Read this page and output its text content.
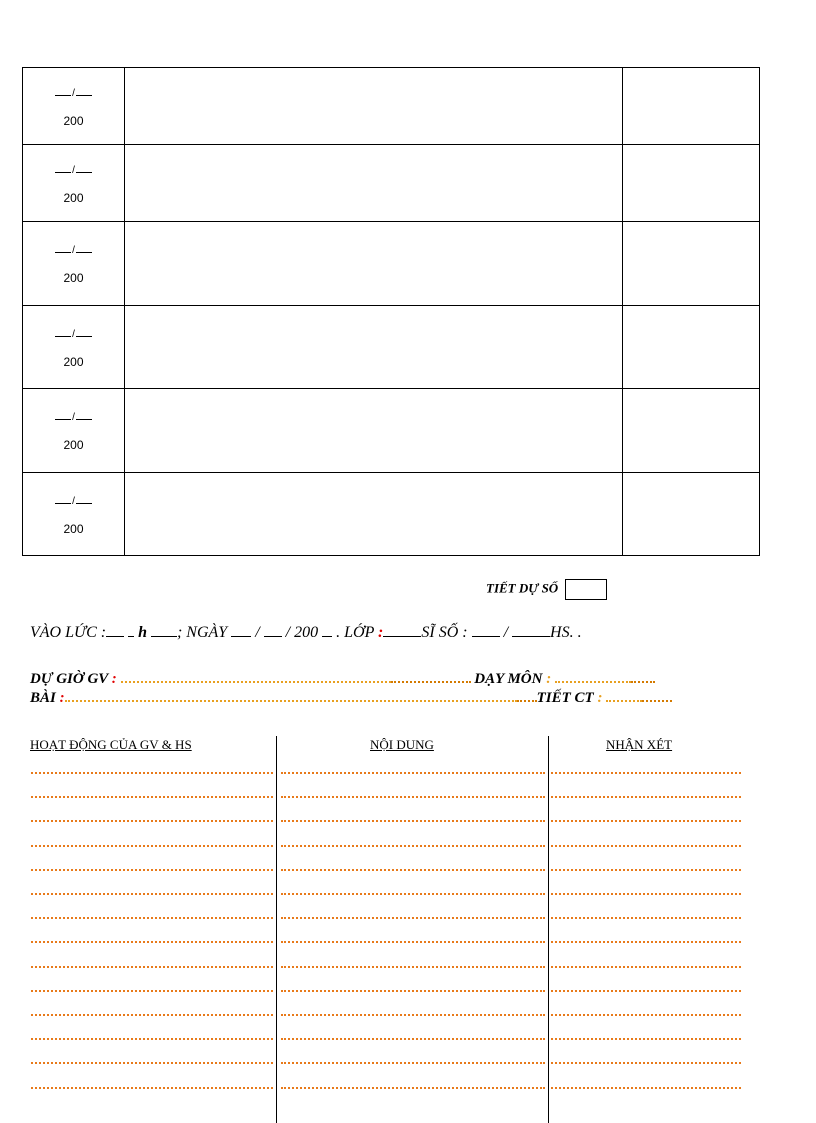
/
200		

/
200		

/
200		

/
200		

/
200		

/
200		

TIẾT DỰ SỐ
VÀO LỨC : h ; NGÀY / / 200 . LỚP : SĨ SỐ : /	HS. .
DỰ GIỜ GV :	DẠY MÔN :
BÀI :	TIẾT CT :
HOẠT ĐỘNG CỦA GV & HS	NỘI DUNG	NHẬN XÉT
